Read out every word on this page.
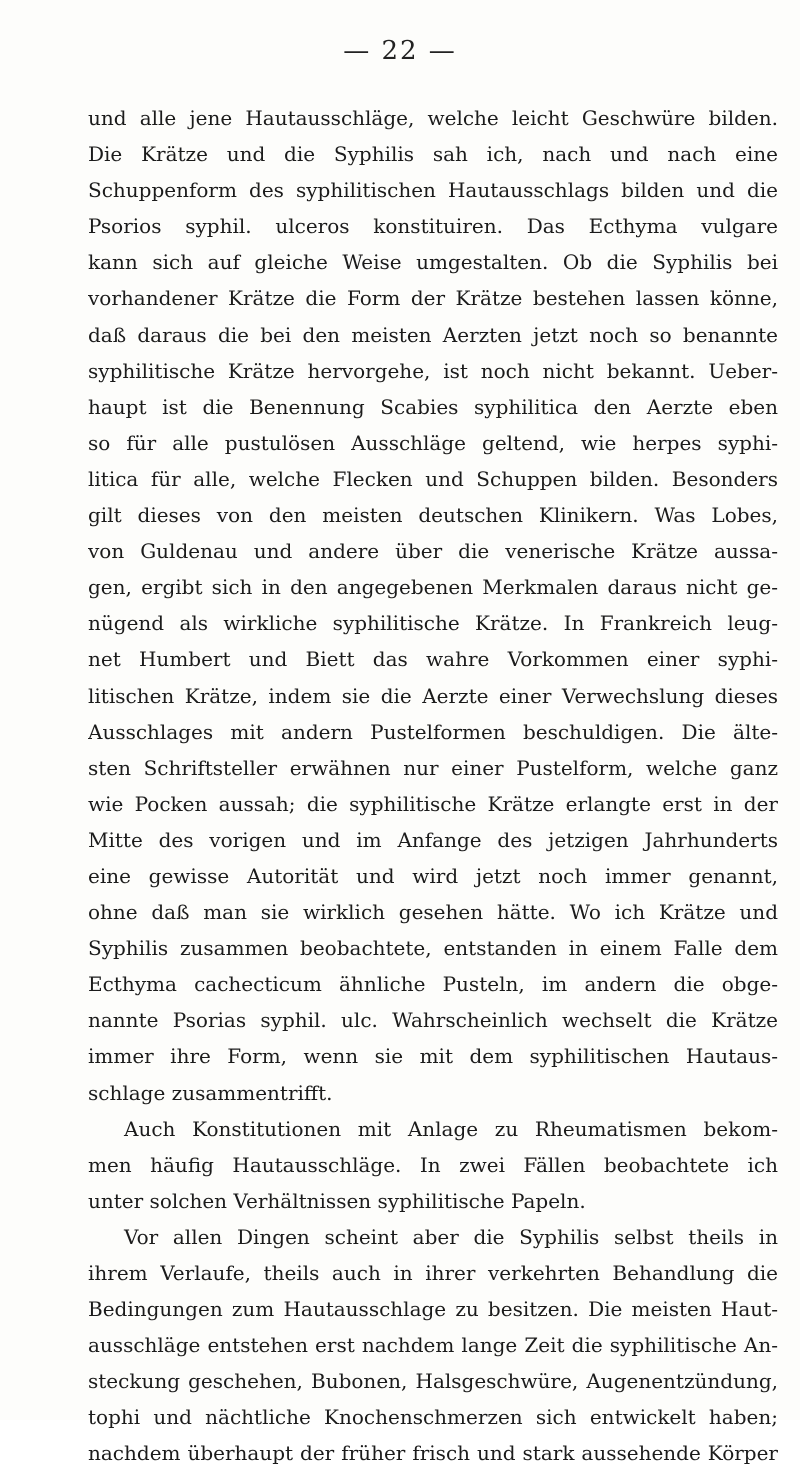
— 22 —
und alle jene Hautausschläge, welche leicht Geschwüre bilden.
Die Krätze und die Syphilis sah ich, nach und nach eine
Schuppenform des syphilitischen Hautausschlags bilden und die
Psorios syphil. ulceros konstituiren. Das Ecthyma vulgare
kann sich auf gleiche Weise umgestalten. Ob die Syphilis bei
vorhandener Krätze die Form der Krätze bestehen lassen könne,
daß daraus die bei den meisten Aerzten jetzt noch so benannte
syphilitische Krätze hervorgehe, ist noch nicht bekannt. Ueber-
haupt ist die Benennung Scabies syphilitica den Aerzte eben
so für alle pustulösen Ausschläge geltend, wie herpes syphi-
litica für alle, welche Flecken und Schuppen bilden. Besonders
gilt dieses von den meisten deutschen Klinikern. Was Lobes,
von Guldenau und andere über die venerische Krätze aussa-
gen, ergibt sich in den angegebenen Merkmalen daraus nicht ge-
nügend als wirkliche syphilitische Krätze. In Frankreich leug-
net Humbert und Biett das wahre Vorkommen einer syphi-
litischen Krätze, indem sie die Aerzte einer Verwechslung dieses
Ausschlages mit andern Pustelformen beschuldigen. Die älte-
sten Schriftsteller erwähnen nur einer Pustelform, welche ganz
wie Pocken aussah; die syphilitische Krätze erlangte erst in der
Mitte des vorigen und im Anfange des jetzigen Jahrhunderts
eine gewisse Autorität und wird jetzt noch immer genannt,
ohne daß man sie wirklich gesehen hätte. Wo ich Krätze und
Syphilis zusammen beobachtete, entstanden in einem Falle dem
Ecthyma cachecticum ähnliche Pusteln, im andern die obge-
nannte Psorias syphil. ulc. Wahrscheinlich wechselt die Krätze
immer ihre Form, wenn sie mit dem syphilitischen Hautaus-
schlage zusammentrifft.
Auch Konstitutionen mit Anlage zu Rheumatismen bekom-
men häufig Hautausschläge. In zwei Fällen beobachtete ich
unter solchen Verhältnissen syphilitische Papeln.
Vor allen Dingen scheint aber die Syphilis selbst theils in
ihrem Verlaufe, theils auch in ihrer verkehrten Behandlung die
Bedingungen zum Hautausschlage zu besitzen. Die meisten Haut-
ausschläge entstehen erst nachdem lange Zeit die syphilitische An-
steckung geschehen, Bubonen, Halsgeschwüre, Augenentzündung,
tophi und nächtliche Knochenschmerzen sich entwickelt haben;
nachdem überhaupt der früher frisch und stark aussehende Körper
